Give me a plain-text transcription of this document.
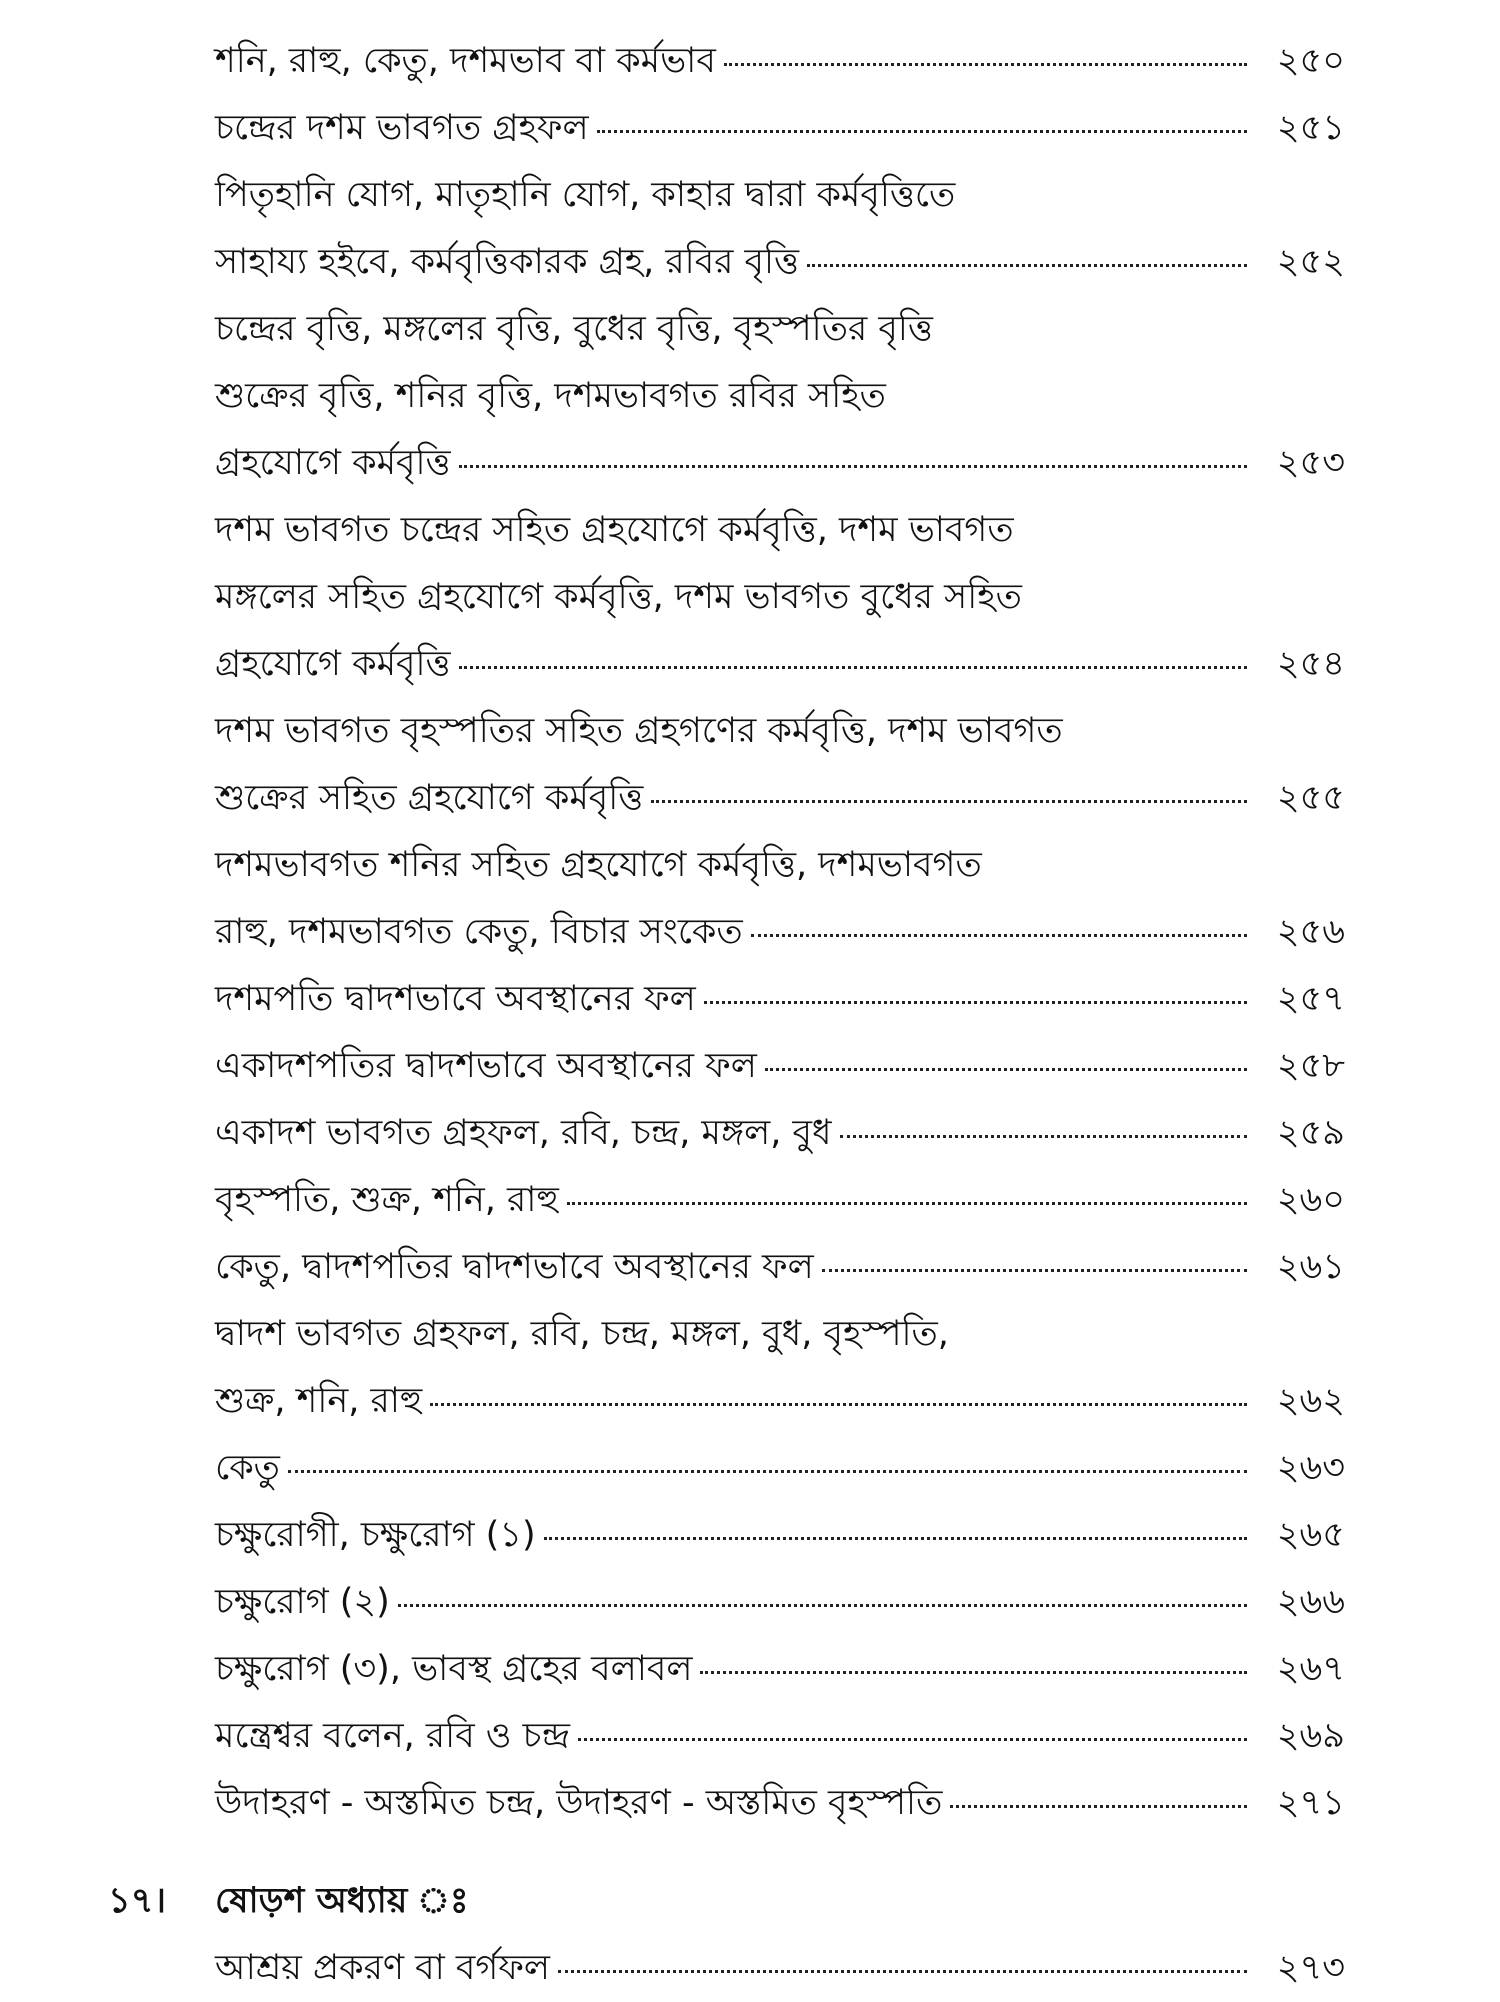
শনি, রাহু, কেতু, দশমভাব বা কর্মভাব	২৫০
চন্দ্রের দশম ভাবগত গ্রহফল	২৫১
পিতৃহানি যোগ, মাতৃহানি যোগ, কাহার দ্বারা কর্মবৃত্তিতে
সাহায্য হইবে, কর্মবৃত্তিকারক গ্রহ, রবির বৃত্তি	২৫২
চন্দ্রের বৃত্তি, মঙ্গলের বৃত্তি, বুধের বৃত্তি, বৃহস্পতির বৃত্তি
শুক্রের বৃত্তি, শনির বৃত্তি, দশমভাবগত রবির সহিত
গ্রহযোগে কর্মবৃত্তি	২৫৩
দশম ভাবগত চন্দ্রের সহিত গ্রহযোগে কর্মবৃত্তি, দশম ভাবগত
মঙ্গলের সহিত গ্রহযোগে কর্মবৃত্তি, দশম ভাবগত বুধের সহিত
গ্রহযোগে কর্মবৃত্তি	২৫৪
দশম ভাবগত বৃহস্পতির সহিত গ্রহগণের কর্মবৃত্তি, দশম ভাবগত
শুক্রের সহিত গ্রহযোগে কর্মবৃত্তি	২৫৫
দশমভাবগত শনির সহিত গ্রহযোগে কর্মবৃত্তি, দশমভাবগত
রাহু, দশমভাবগত কেতু, বিচার সংকেত	২৫৬
দশমপতি দ্বাদশভাবে অবস্থানের ফল	২৫৭
একাদশপতির দ্বাদশভাবে অবস্থানের ফল	২৫৮
একাদশ ভাবগত গ্রহফল, রবি, চন্দ্র, মঙ্গল, বুধ	২৫৯
বৃহস্পতি, শুক্র, শনি, রাহু	২৬০
কেতু, দ্বাদশপতির দ্বাদশভাবে অবস্থানের ফল	২৬১
দ্বাদশ ভাবগত গ্রহফল, রবি, চন্দ্র, মঙ্গল, বুধ, বৃহস্পতি,
শুক্র, শনি, রাহু	২৬২
কেতু	২৬৩
চক্ষুরোগী, চক্ষুরোগ (১)	২৬৫
চক্ষুরোগ (২)	২৬৬
চক্ষুরোগ (৩), ভাবস্থ গ্রহের বলাবল	২৬৭
মন্ত্রেশ্বর বলেন, রবি ও চন্দ্র	২৬৯
উদাহরণ - অস্তমিত চন্দ্র, উদাহরণ - অস্তমিত বৃহস্পতি	২৭১
১৭।	ষোড়শ অধ্যায় ঃ
আশ্রয় প্রকরণ বা বর্গফল	২৭৩
